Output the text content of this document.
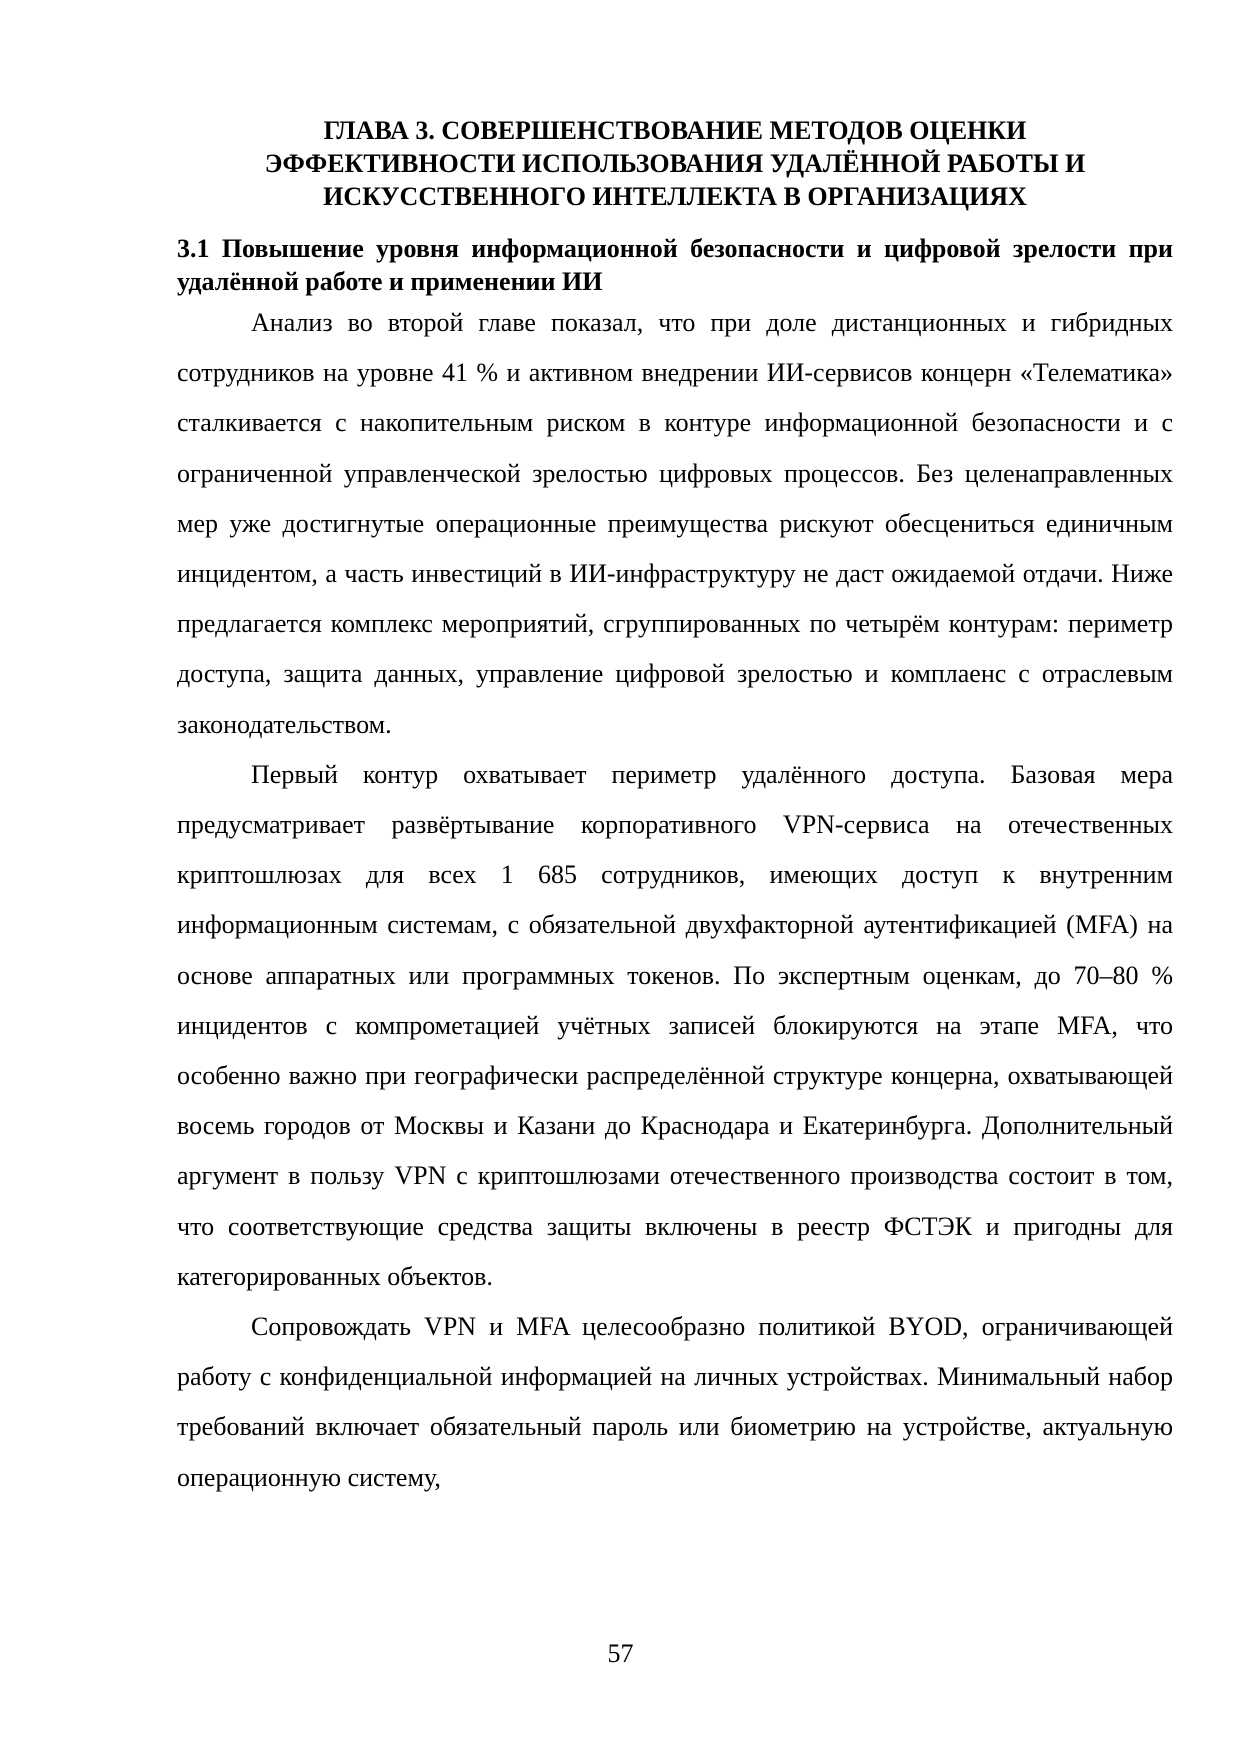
ГЛАВА 3. СОВЕРШЕНСТВОВАНИЕ МЕТОДОВ ОЦЕНКИ
ЭФФЕКТИВНОСТИ ИСПОЛЬЗОВАНИЯ УДАЛЁННОЙ РАБОТЫ И
ИСКУССТВЕННОГО ИНТЕЛЛЕКТА В ОРГАНИЗАЦИЯХ
3.1 Повышение уровня информационной безопасности и цифровой зрелости при удалённой работе и применении ИИ

Анализ во второй главе показал, что при доле дистанционных и гибридных сотрудников на уровне 41 % и активном внедрении ИИ-сервисов концерн «Телематика» сталкивается с накопительным риском в контуре информационной безопасности и с ограниченной управленческой зрелостью цифровых процессов. Без целенаправленных мер уже достигнутые операционные преимущества рискуют обесцениться единичным инцидентом, а часть инвестиций в ИИ-инфраструктуру не даст ожидаемой отдачи. Ниже предлагается комплекс мероприятий, сгруппированных по четырём контурам: периметр доступа, защита данных, управление цифровой зрелостью и комплаенс с отраслевым законодательством.

Первый контур охватывает периметр удалённого доступа. Базовая мера предусматривает развёртывание корпоративного VPN-сервиса на отечественных криптошлюзах для всех 1 685 сотрудников, имеющих доступ к внутренним информационным системам, с обязательной двухфакторной аутентификацией (MFA) на основе аппаратных или программных токенов. По экспертным оценкам, до 70–80 % инцидентов с компрометацией учётных записей блокируются на этапе MFA, что особенно важно при географически распределённой структуре концерна, охватывающей восемь городов от Москвы и Казани до Краснодара и Екатеринбурга. Дополнительный аргумент в пользу VPN с криптошлюзами отечественного производства состоит в том, что соответствующие средства защиты включены в реестр ФСТЭК и пригодны для категорированных объектов.

Сопровождать VPN и MFA целесообразно политикой BYOD, ограничивающей работу с конфиденциальной информацией на личных устройствах. Минимальный набор требований включает обязательный пароль или биометрию на устройстве, актуальную операционную систему,

57
